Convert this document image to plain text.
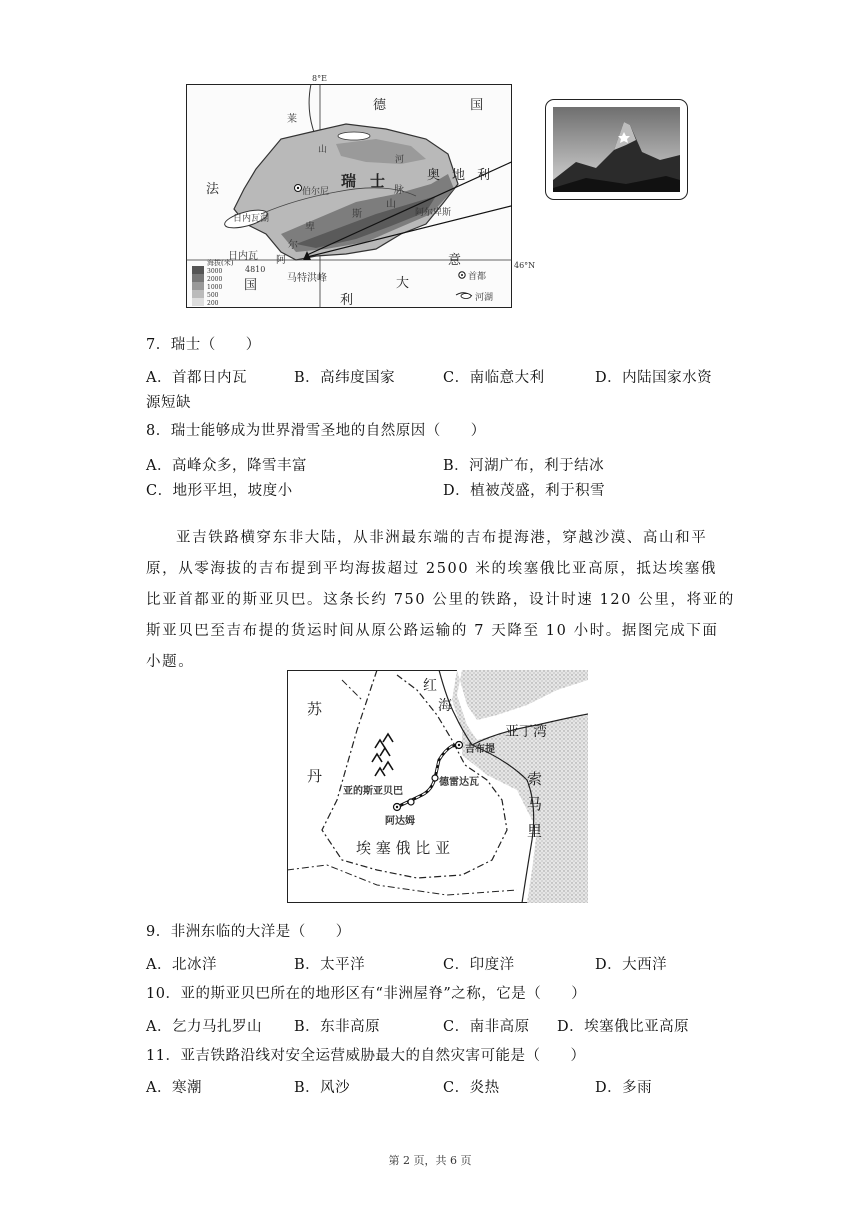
8°E
46°N
德 国
奥地利
法	瑞 士
意
大
利
国
莱
伯尔尼
日内瓦湖
日内瓦
马特洪峰
4810
阿
尔
卑
斯
山
脉
阿尔卑斯
河
山
海拔(米)
3000
2000
1000
500
200
首都
河湖
7．瑞士（　　）
A．首都日内瓦	B．高纬度国家	C．南临意大利	D．内陆国家水资
源短缺
8．瑞士能够成为世界滑雪圣地的自然原因（　　）
A．高峰众多，降雪丰富	B．河湖广布，利于结冰
C．地形平坦，坡度小	D．植被茂盛，利于积雪
亚吉铁路横穿东非大陆，从非洲最东端的吉布提海港，穿越沙漠、高山和平
原，从零海拔的吉布提到平均海拔超过 2500 米的埃塞俄比亚高原，抵达埃塞俄
比亚首都亚的斯亚贝巴。这条长约 750 公里的铁路，设计时速 120 公里，将亚的
斯亚贝巴至吉布提的货运时间从原公路运输的 7 天降至 10 小时。据图完成下面
小题。
红
海
亚丁湾
苏
丹
吉布提
德雷达瓦
亚的斯亚贝巴
阿达姆
索
马
里
埃 塞 俄 比 亚
9．非洲东临的大洋是（　　）
A．北冰洋	B．太平洋	C．印度洋	D．大西洋
10．亚的斯亚贝巴所在的地形区有“非洲屋脊”之称，它是（　　）
A．乞力马扎罗山 B．东非高原	C．南非高原 D．埃塞俄比亚高原
11．亚吉铁路沿线对安全运营威胁最大的自然灾害可能是（　　）
A．寒潮	B．风沙	C．炎热	D．多雨
第 2 页，共 6 页
